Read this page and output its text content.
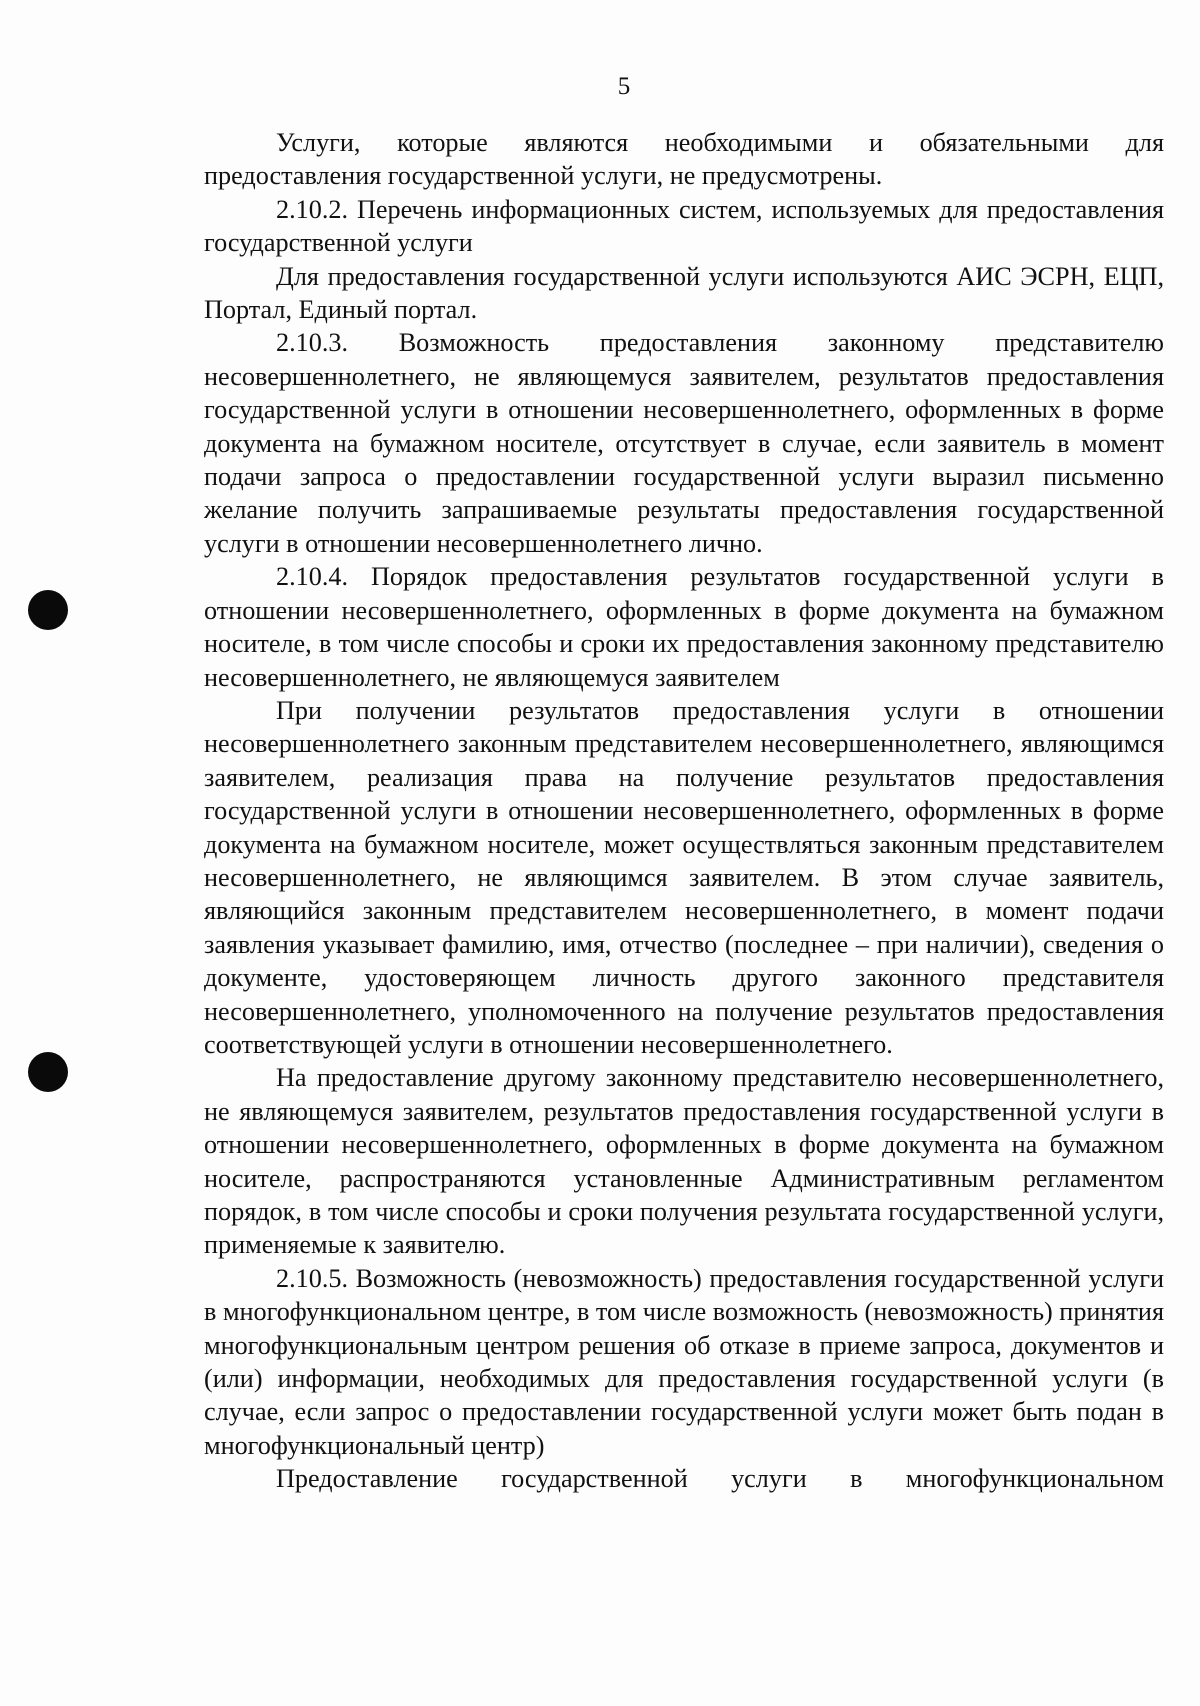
5

Услуги, которые являются необходимыми и обязательными для предоставления государственной услуги, не предусмотрены.

2.10.2. Перечень информационных систем, используемых для предоставления государственной услуги

Для предоставления государственной услуги используются АИС ЭСРН, ЕЦП, Портал, Единый портал.

2.10.3. Возможность предоставления законному представителю несовершеннолетнего, не являющемуся заявителем, результатов предоставления государственной услуги в отношении несовершеннолетнего, оформленных в форме документа на бумажном носителе, отсутствует в случае, если заявитель в момент подачи запроса о предоставлении государственной услуги выразил письменно желание получить запрашиваемые результаты предоставления государственной услуги в отношении несовершеннолетнего лично.

2.10.4. Порядок предоставления результатов государственной услуги в отношении несовершеннолетнего, оформленных в форме документа на бумажном носителе, в том числе способы и сроки их предоставления законному представителю несовершеннолетнего, не являющемуся заявителем

При получении результатов предоставления услуги в отношении несовершеннолетнего законным представителем несовершеннолетнего, являющимся заявителем, реализация права на получение результатов предоставления государственной услуги в отношении несовершеннолетнего, оформленных в форме документа на бумажном носителе, может осуществляться законным представителем несовершеннолетнего, не являющимся заявителем. В этом случае заявитель, являющийся законным представителем несовершеннолетнего, в момент подачи заявления указывает фамилию, имя, отчество (последнее – при наличии), сведения о документе, удостоверяющем личность другого законного представителя несовершеннолетнего, уполномоченного на получение результатов предоставления соответствующей услуги в отношении несовершеннолетнего.

На предоставление другому законному представителю несовершеннолетнего, не являющемуся заявителем, результатов предоставления государственной услуги в отношении несовершеннолетнего, оформленных в форме документа на бумажном носителе, распространяются установленные Административным регламентом порядок, в том числе способы и сроки получения результата государственной услуги, применяемые к заявителю.

2.10.5. Возможность (невозможность) предоставления государственной услуги в многофункциональном центре, в том числе возможность (невозможность) принятия многофункциональным центром решения об отказе в приеме запроса, документов и (или) информации, необходимых для предоставления государственной услуги (в случае, если запрос о предоставлении государственной услуги может быть подан в многофункциональный центр)

Предоставление государственной услуги в многофункциональном
